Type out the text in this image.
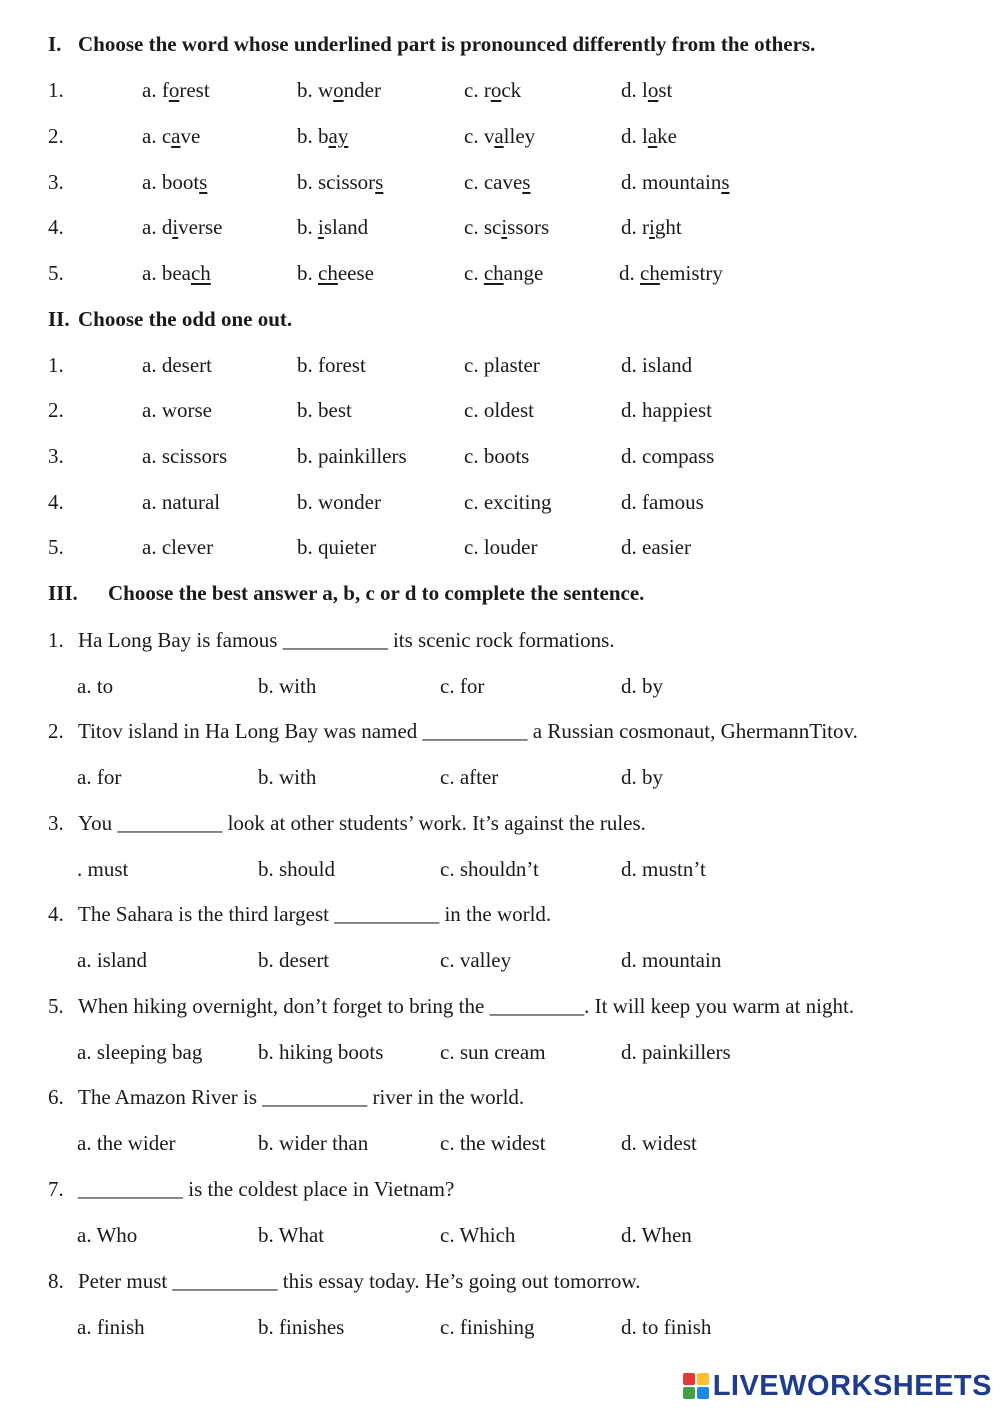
I. Choose the word whose underlined part is pronounced differently from the others.
1.	a. forest	b. wonder	c. rock	d. lost
2.	a. cave	b. bay	c. valley	d. lake
3.	a. boots	b. scissors	c. caves	d. mountains
4.	a. diverse	b. island	c. scissors	d. right
5.	a. beach	b. cheese	c. change	d. chemistry
II. Choose the odd one out.
1.	a. desert	b. forest	c. plaster	d. island
2.	a. worse	b. best	c. oldest	d. happiest
3.	a. scissors	b. painkillers	c. boots	d. compass
4.	a. natural	b. wonder	c. exciting	d. famous
5.	a. clever	b. quieter	c. louder	d. easier
III. Choose the best answer a, b, c or d to complete the sentence.
1. Ha Long Bay is famous __________ its scenic rock formations.
a. to	b. with	c. for	d. by
2. Titov island in Ha Long Bay was named __________ a Russian cosmonaut, GhermannTitov.
a. for	b. with	c. after	d. by
3. You __________ look at other students’ work. It’s against the rules.
. must	b. should	c. shouldn’t	d. mustn’t
4. The Sahara is the third largest __________ in the world.
a. island	b. desert	c. valley	d. mountain
5. When hiking overnight, don’t forget to bring the _________. It will keep you warm at night.
a. sleeping bag	b. hiking boots	c. sun cream	d. painkillers
6. The Amazon River is __________ river in the world.
a. the wider	b. wider than	c. the widest	d. widest
7. __________ is the coldest place in Vietnam?
a. Who	b. What	c. Which	d. When
8. Peter must __________ this essay today. He’s going out tomorrow.
a. finish	b. finishes	c. finishing	d. to finish
LIVEWORKSHEETS
